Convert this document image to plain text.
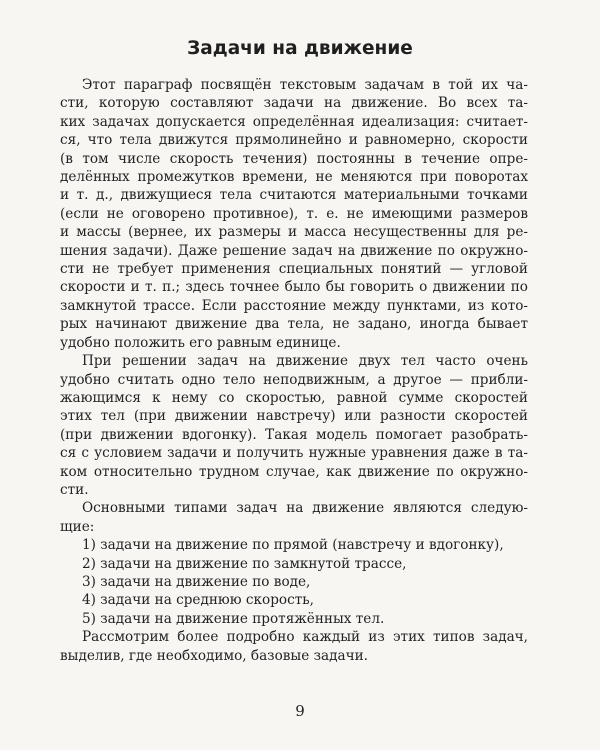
Задачи на движение
Этот параграф посвящён текстовым задачам в той их ча-
сти, которую составляют задачи на движение. Во всех та-
ких задачах допускается определённая идеализация: считает-
ся, что тела движутся прямолинейно и равномерно, скорости
(в том числе скорость течения) постоянны в течение опре-
делённых промежутков времени, не меняются при поворотах
и т. д., движущиеся тела считаются материальными точками
(если не оговорено противное), т. е. не имеющими размеров
и массы (вернее, их размеры и масса несущественны для ре-
шения задачи). Даже решение задач на движение по окружно-
сти не требует применения специальных понятий — угловой
скорости и т. п.; здесь точнее было бы говорить о движении по
замкнутой трассе. Если расстояние между пунктами, из кото-
рых начинают движение два тела, не задано, иногда бывает
удобно положить его равным единице.
При решении задач на движение двух тел часто очень
удобно считать одно тело неподвижным, а другое — прибли-
жающимся к нему со скоростью, равной сумме скоростей
этих тел (при движении навстречу) или разности скоростей
(при движении вдогонку). Такая модель помогает разобрать-
ся с условием задачи и получить нужные уравнения даже в та-
ком относительно трудном случае, как движение по окружно-
сти.
Основными типами задач на движение являются следую-
щие:
1) задачи на движение по прямой (навстречу и вдогонку),
2) задачи на движение по замкнутой трассе,
3) задачи на движение по воде,
4) задачи на среднюю скорость,
5) задачи на движение протяжённых тел.
Рассмотрим более подробно каждый из этих типов задач,
выделив, где необходимо, базовые задачи.
9
